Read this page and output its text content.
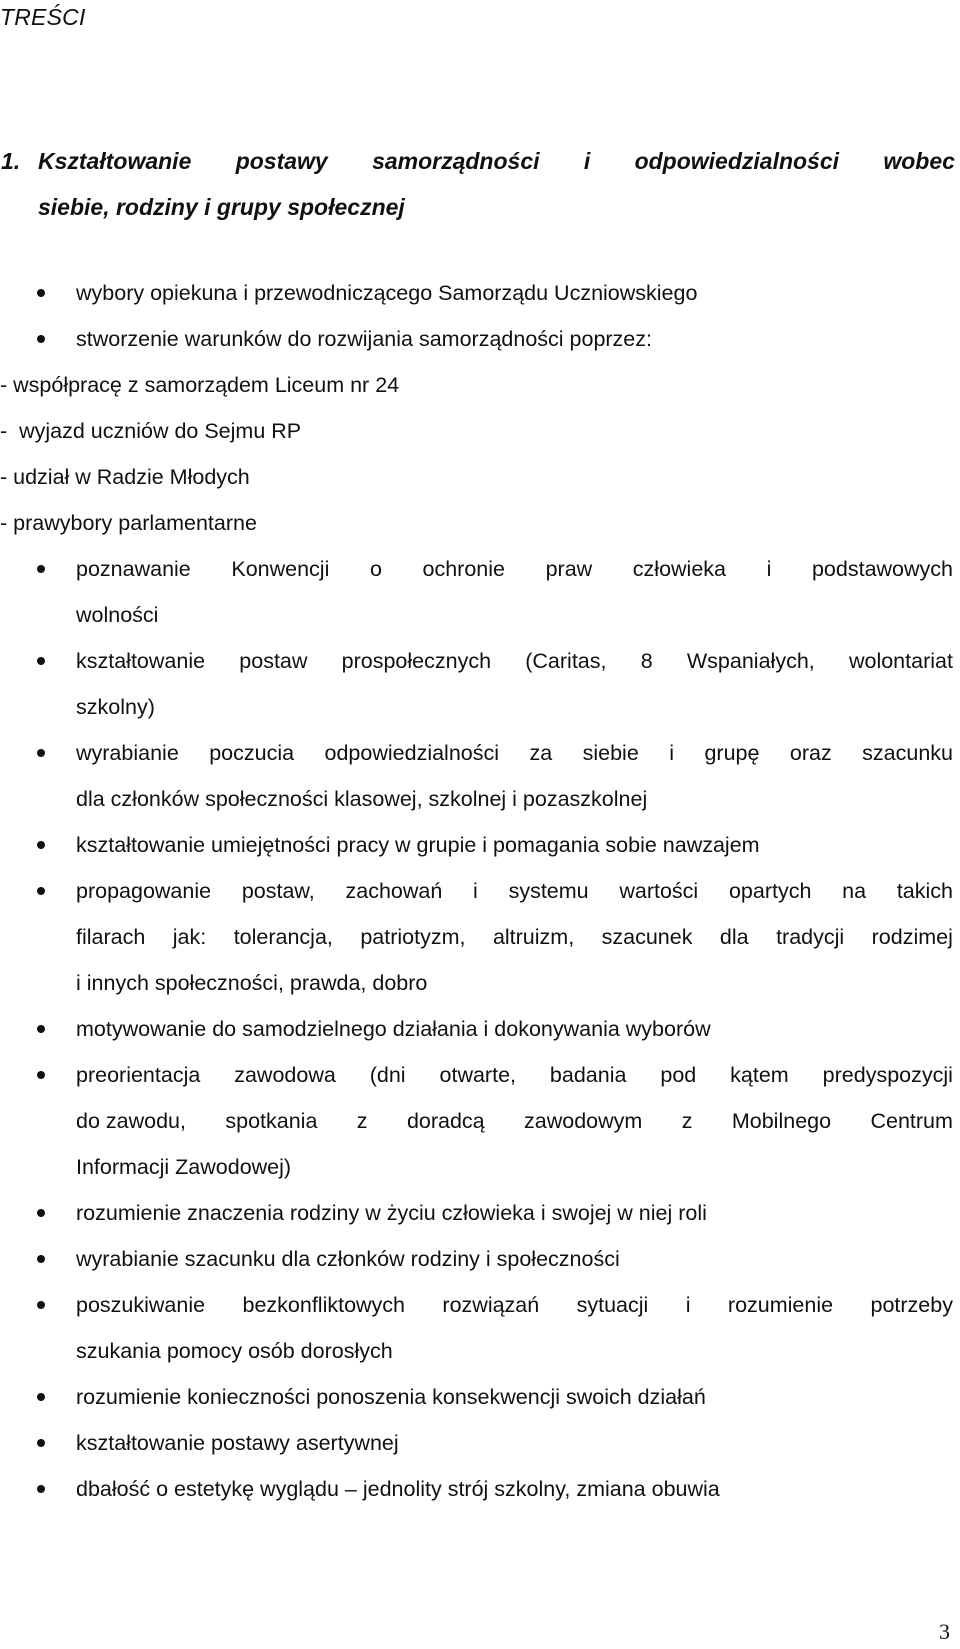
TREŚCI
1. Kształtowanie postawy samorządności i odpowiedzialności wobec
siebie, rodziny i grupy społecznej
wybory opiekuna i przewodniczącego Samorządu Uczniowskiego
stworzenie warunków do rozwijania samorządności poprzez:
- współpracę z samorządem Liceum nr 24
-  wyjazd uczniów do Sejmu RP
- udział w Radzie Młodych
- prawybory parlamentarne
poznawanie Konwencji o ochronie praw człowieka i podstawowych
wolności
kształtowanie postaw prospołecznych (Caritas, 8 Wspaniałych, wolontariat
szkolny)
wyrabianie poczucia odpowiedzialności za siebie i grupę oraz szacunku
dla członków społeczności klasowej, szkolnej i pozaszkolnej
kształtowanie umiejętności pracy w grupie i pomagania sobie nawzajem
propagowanie postaw, zachowań i systemu wartości opartych na takich
filarach jak: tolerancja, patriotyzm, altruizm, szacunek dla tradycji rodzimej
i innych społeczności, prawda, dobro
motywowanie do samodzielnego działania i dokonywania wyborów
preorientacja zawodowa (dni otwarte, badania pod kątem predyspozycji
do zawodu, spotkania z doradcą zawodowym z Mobilnego Centrum
Informacji Zawodowej)
rozumienie znaczenia rodziny w życiu człowieka i swojej w niej roli
wyrabianie szacunku dla członków rodziny i społeczności
poszukiwanie bezkonfliktowych rozwiązań sytuacji i rozumienie potrzeby
szukania pomocy osób dorosłych
rozumienie konieczności ponoszenia konsekwencji swoich działań
kształtowanie postawy asertywnej
dbałość o estetykę wyglądu – jednolity strój szkolny, zmiana obuwia
3
